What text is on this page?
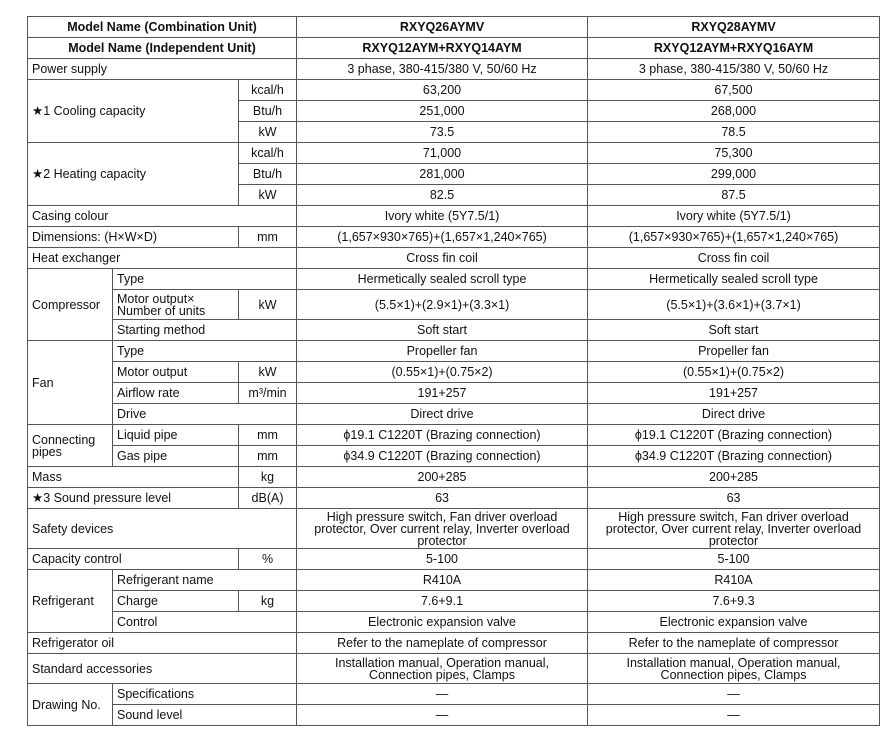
Model Name (Combination Unit)			RXYQ26AYMV	RXYQ28AYMV
Model Name (Independent Unit)			RXYQ12AYM+RXYQ14AYM	RXYQ12AYM+RXYQ16AYM
Power supply			3 phase, 380-415/380 V, 50/60 Hz	3 phase, 380-415/380 V, 50/60 Hz
★1 Cooling capacity		kcal/h	63,200	67,500
		Btu/h	251,000	268,000
		kW	73.5	78.5
★2 Heating capacity		kcal/h	71,000	75,300
		Btu/h	281,000	299,000
		kW	82.5	87.5
Casing colour			Ivory white (5Y7.5/1)	Ivory white (5Y7.5/1)
Dimensions: (H×W×D)		mm	(1,657×930×765)+(1,657×1,240×765)	(1,657×930×765)+(1,657×1,240×765)
Heat exchanger			Cross fin coil	Cross fin coil
Compressor	Type		Hermetically sealed scroll type	Hermetically sealed scroll type
	Motor output×
Number of units	kW	(5.5×1)+(2.9×1)+(3.3×1)	(5.5×1)+(3.6×1)+(3.7×1)
	Starting method		Soft start	Soft start
Fan	Type		Propeller fan	Propeller fan
	Motor output	kW	(0.55×1)+(0.75×2)	(0.55×1)+(0.75×2)
	Airflow rate	m³/min	191+257	191+257
	Drive		Direct drive	Direct drive
Connecting
pipes	Liquid pipe	mm	ϕ19.1 C1220T (Brazing connection)	ϕ19.1 C1220T (Brazing connection)
	Gas pipe	mm	ϕ34.9 C1220T (Brazing connection)	ϕ34.9 C1220T (Brazing connection)
Mass		kg	200+285	200+285
★3 Sound pressure level		dB(A)	63	63
Safety devices			High pressure switch, Fan driver overload
protector, Over current relay, Inverter overload
protector	High pressure switch, Fan driver overload
protector, Over current relay, Inverter overload
protector
Capacity control		%	5-100	5-100
Refrigerant	Refrigerant name		R410A	R410A
	Charge	kg	7.6+9.1	7.6+9.3
	Control		Electronic expansion valve	Electronic expansion valve
Refrigerator oil			Refer to the nameplate of compressor	Refer to the nameplate of compressor
Standard accessories			Installation manual, Operation manual,
Connection pipes, Clamps	Installation manual, Operation manual,
Connection pipes, Clamps
Drawing No.	Specifications		—	—
	Sound level		—	—
